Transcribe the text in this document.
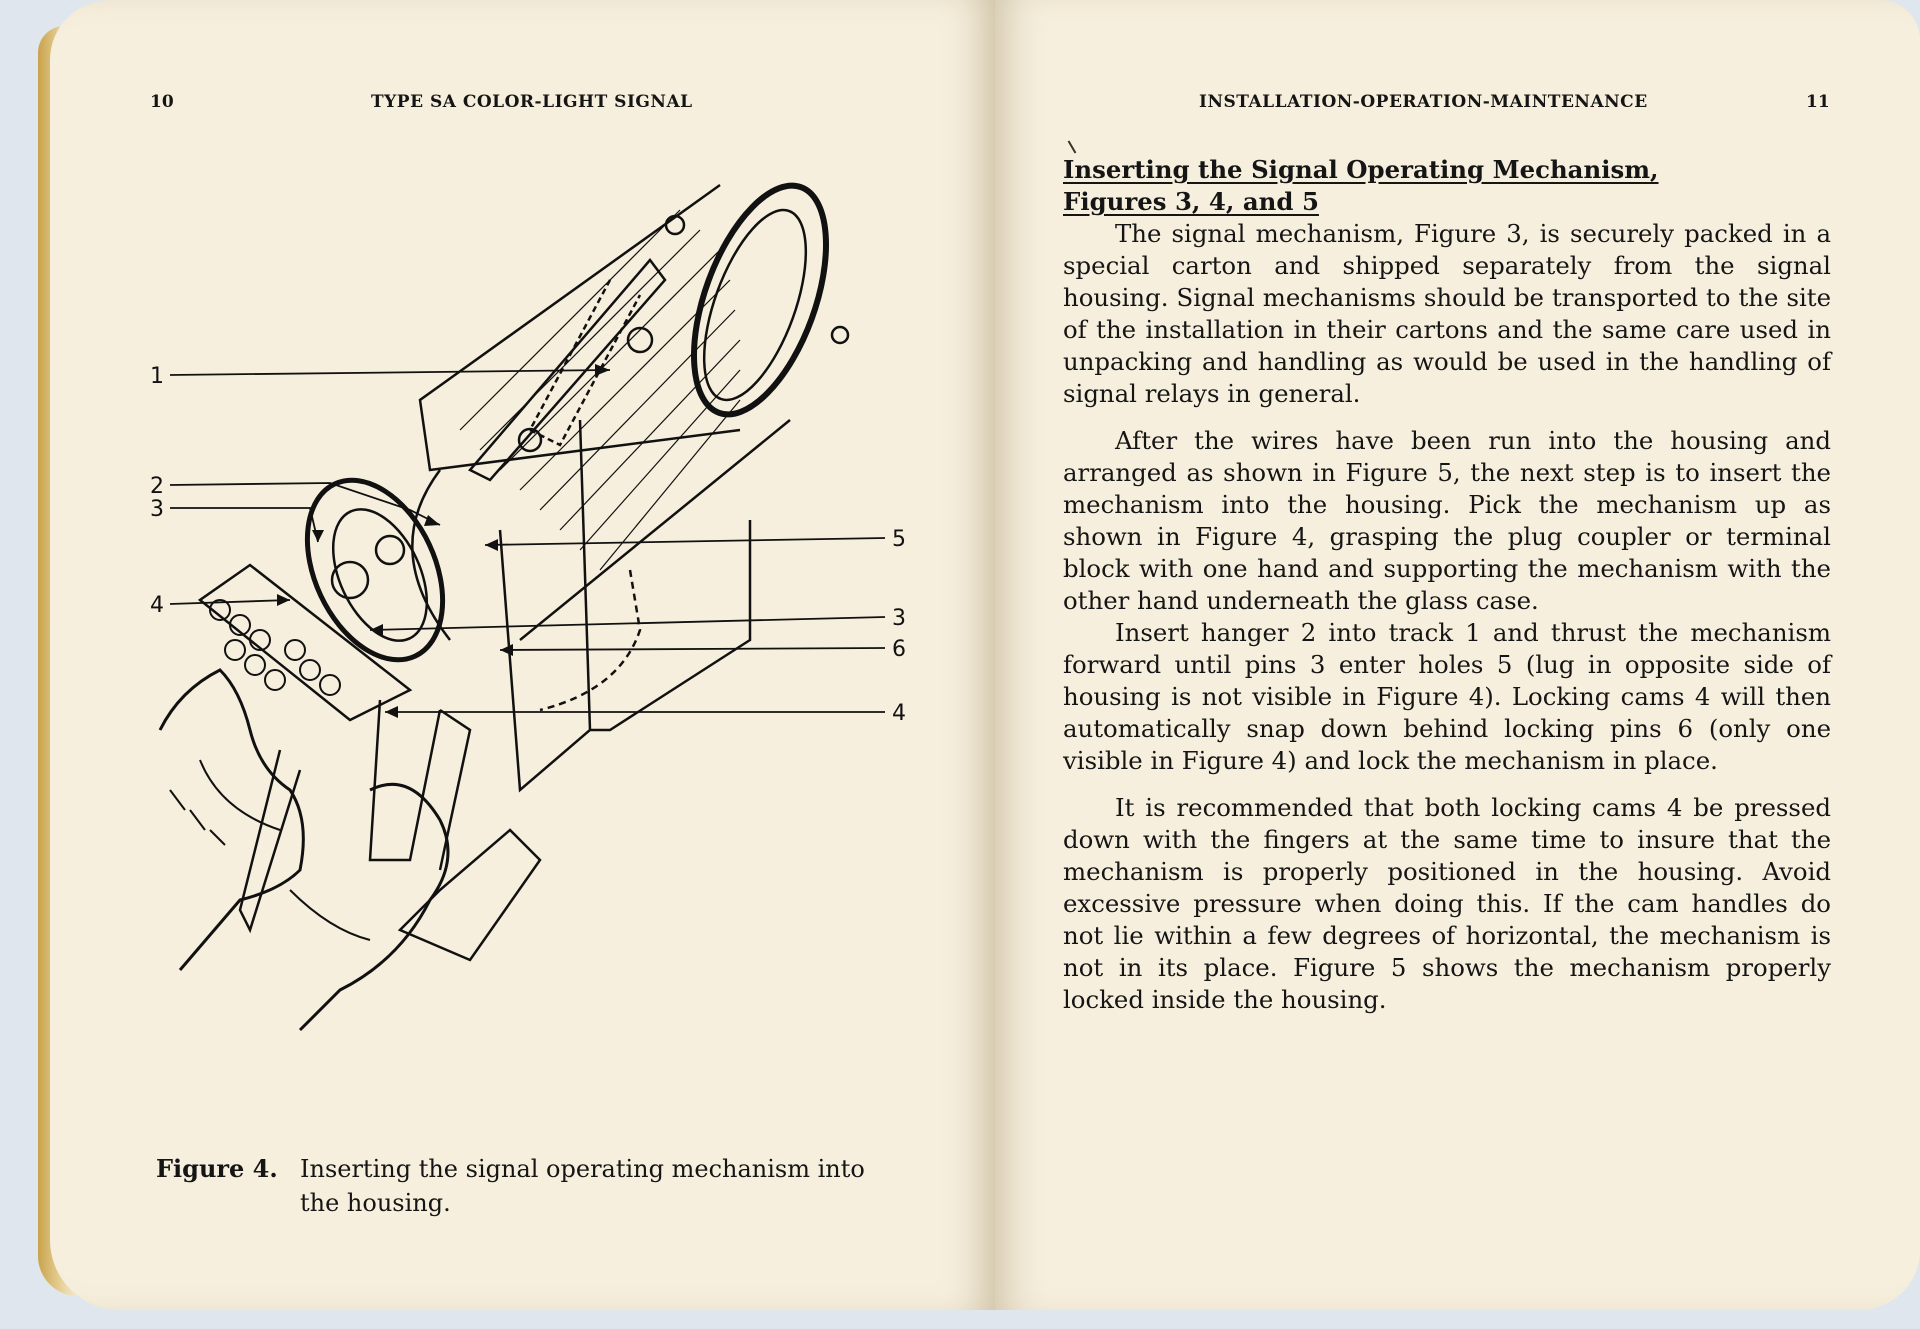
10	TYPE SA COLOR-LIGHT SIGNAL
1
2
3
4
5
3
6
4
Figure 4. Inserting the signal operating mechanism into
the housing.
INSTALLATION-OPERATION-MAINTENANCE	11
Inserting the Signal Operating Mechanism,
Figures 3, 4, and 5

The signal mechanism, Figure 3, is securely packed in a special carton and shipped separately from the signal housing. Signal mechanisms should be transported to the site of the installation in their cartons and the same care used in unpacking and handling as would be used in the handling of signal relays in general.

After the wires have been run into the housing and arranged as shown in Figure 5, the next step is to insert the mechanism into the housing. Pick the mechanism up as shown in Figure 4, grasping the plug coupler or terminal block with one hand and supporting the mechanism with the other hand underneath the glass case.

Insert hanger 2 into track 1 and thrust the mechanism forward until pins 3 enter holes 5 (lug in opposite side of housing is not visible in Figure 4). Locking cams 4 will then automatically snap down behind locking pins 6 (only one visible in Figure 4) and lock the mechanism in place.

It is recommended that both locking cams 4 be pressed down with the fingers at the same time to insure that the mechanism is properly positioned in the housing. Avoid excessive pressure when doing this. If the cam handles do not lie within a few degrees of horizontal, the mechanism is not in its place. Figure 5 shows the mechanism properly locked inside the housing.
